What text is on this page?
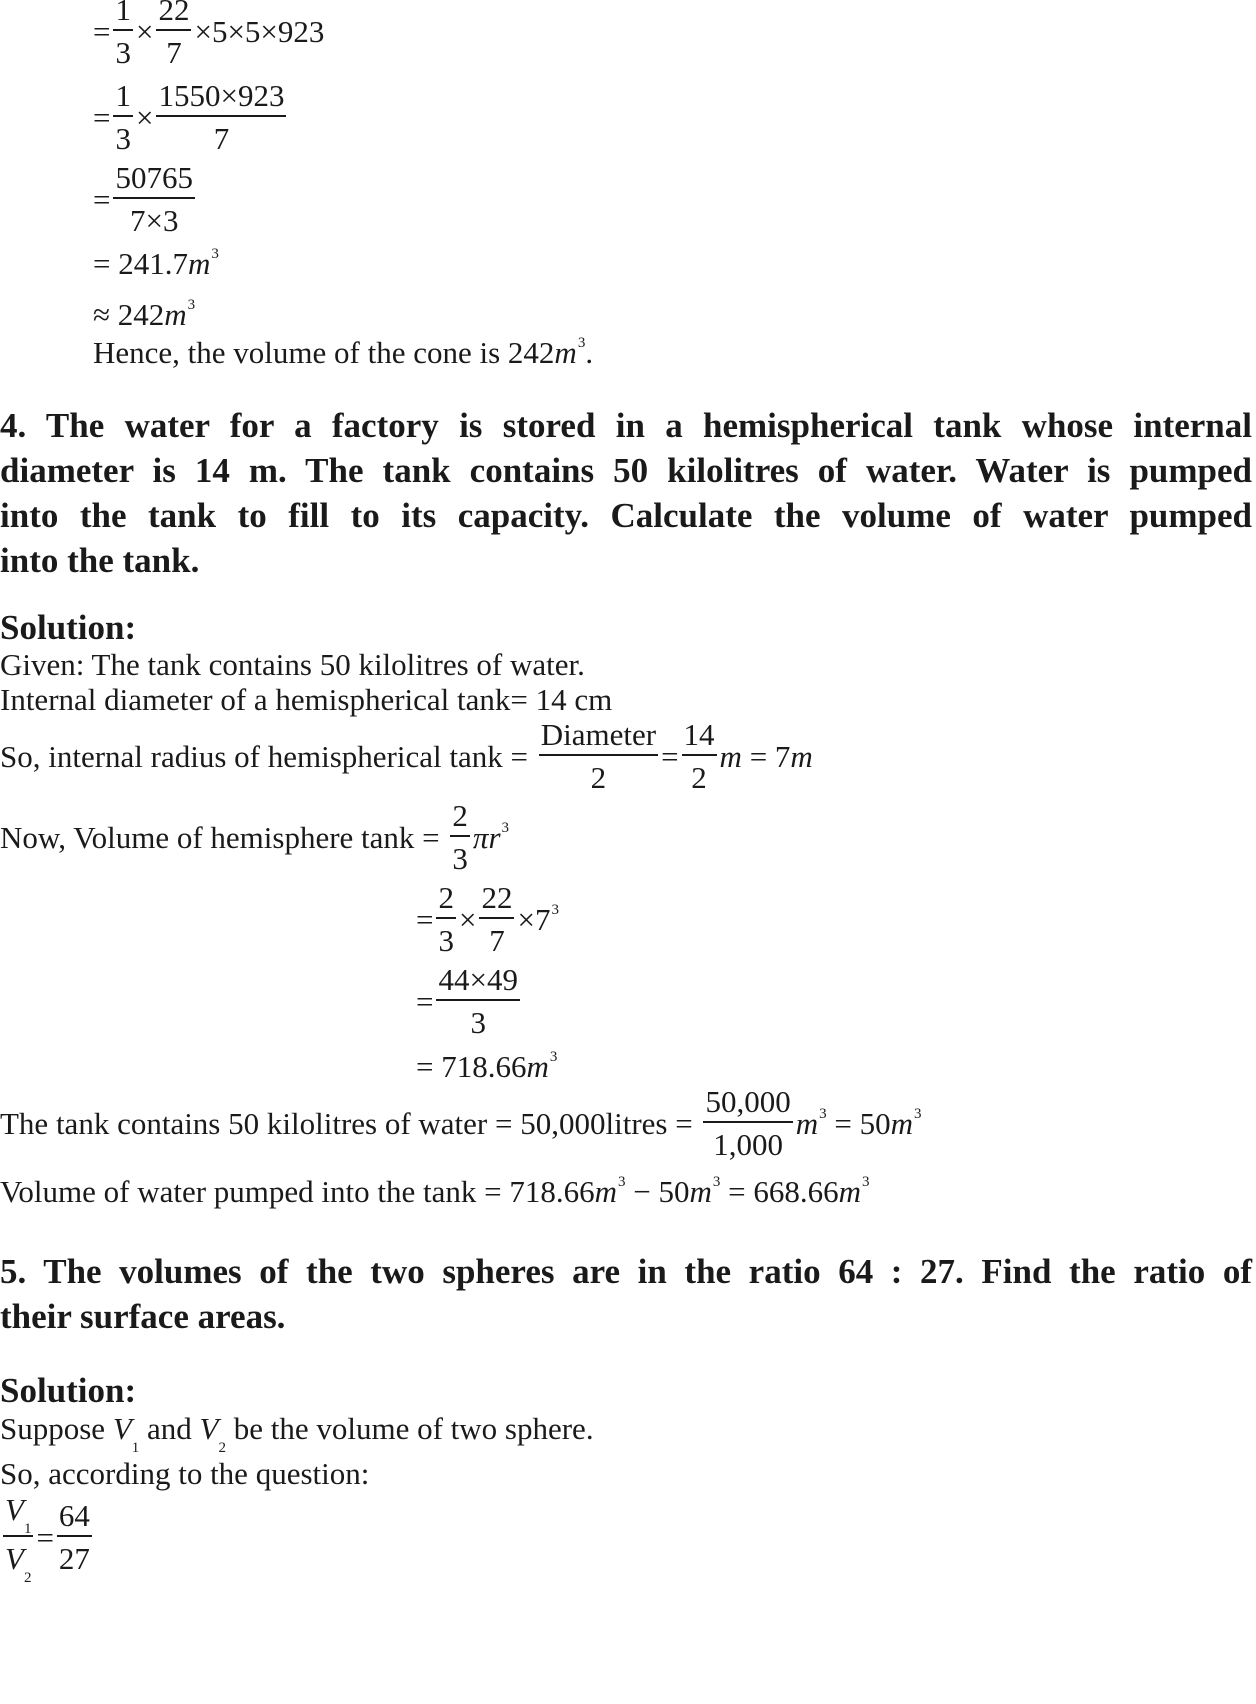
= $\frac{1}{3} \times \frac{22}{7} \times 5\times 5\times 923$
= $\frac{1}{3} \times \frac{1550\times 923}{7}$
= $\frac{50765}{7\times 3}$
= $241.7m^3$
≈ $242m^3$
Hence, the volume of the cone is $242m^3$.
4. The water for a factory is stored in a hemispherical tank whose internal
diameter is 14 m. The tank contains 50 kilolitres of water. Water is pumped
into the tank to fill to its capacity. Calculate the volume of water pumped
into the tank.
Solution:
Given: The tank contains 50 kilolitres of water.
Internal diameter of a hemispherical tank= 14 cm
So, internal radius of hemispherical $\tan k = \frac{\text{Diameter}}{2} = \frac{14}{2}$ m = 7m
Now, Volume of hemisphere $\tan k = \frac{2}{3} \pi r^3$
= $\frac{2}{3} \times \frac{22}{7} \times 7^3$
= $\frac{44\times 49}{3}$
= $718.66m^3$
The tank contains 50 kilolitres of water = 50,000litres = $\frac{50,000}{1,000} m^3 = 50m^3$
Volume of water pumped into the $\tan k = 718.66m^3 - 50m^3 = 668.66m^3$
5. The volumes of the two spheres are in the ratio 64 : 27. Find the ratio of
their surface areas.
Solution:
Suppose $V_1$ and $V_2$ be the volume of two sphere.
So, according to the question:
$\frac{V_1}{V_2} = \frac{64}{27}$
